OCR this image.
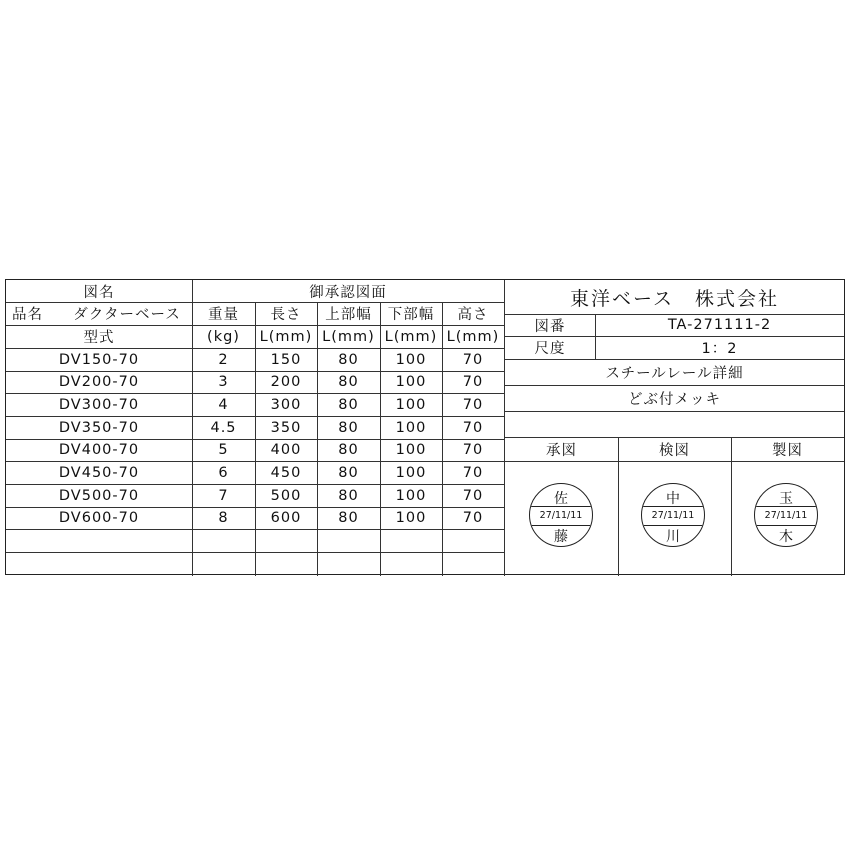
図名	御承認図面
品名	ダクターベース	重量	長さ	上部幅	下部幅	高さ
型式	(kg)	L(mm) L(mm) L(mm) L(mm)
DV150-70	2	150	80	100	70
DV200-70	3	200	80	100	70
DV300-70	4	300	80	100	70
DV350-70	4.5	350	80	100	70
DV400-70	5	400	80	100	70
DV450-70	6	450	80	100	70
DV500-70	7	500	80	100	70
DV600-70	8	600	80	100	70
東洋ベース　株式会社
図番	TA-271111-2
尺度	1：2
スチールレール詳細
どぶ付メッキ
承図	検図	製図
佐
27/11/11
藤
中
27/11/11
川
玉
27/11/11
木
